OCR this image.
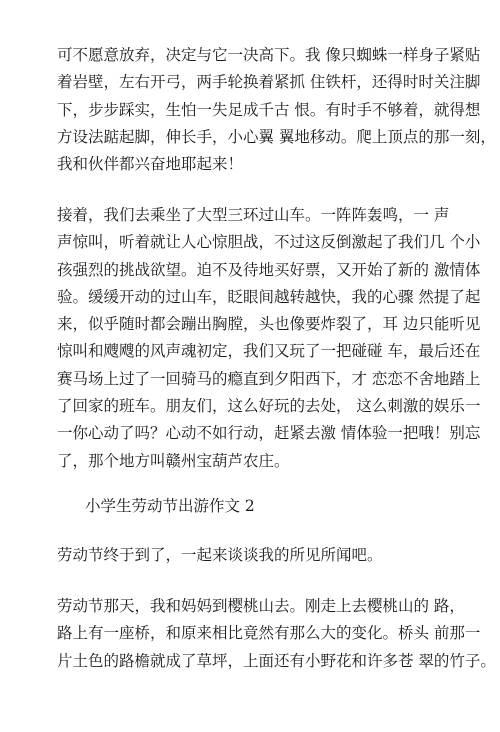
可不愿意放弃，决定与它一决高下。我 像只蜘蛛一样身子紧贴
着岩壁，左右开弓，两手轮换着紧抓 住铁杆，还得时时关注脚
下，步步踩实，生怕一失足成千古 恨。有时手不够着，就得想
方设法踮起脚，伸长手，小心翼 翼地移动。爬上顶点的那一刻，
我和伙伴都兴奋地耶起来！
接着，我们去乘坐了大型三环过山车。一阵阵轰鸣，一 声
声惊叫，听着就让人心惊胆战，不过这反倒激起了我们几 个小
孩强烈的挑战欲望。迫不及待地买好票，又开始了新的 激情体
验。缓缓开动的过山车，眨眼间越转越快，我的心骤 然提了起
来，似乎随时都会蹦出胸膛，头也像要炸裂了，耳 边只能听见
惊叫和飕飕的风声魂初定，我们又玩了一把碰碰 车，最后还在
赛马场上过了一回骑马的瘾直到夕阳西下，才 恋恋不舍地踏上
了回家的班车。朋友们，这么好玩的去处， 这么刺激的娱乐一
一你心动了吗？心动不如行动，赶紧去激 情体验一把哦！别忘
了，那个地方叫赣州宝葫芦农庄。

小学生劳动节出游作文 2

劳动节终于到了，一起来谈谈我的所见所闻吧。
劳动节那天，我和妈妈到樱桃山去。刚走上去樱桃山的 路，
路上有一座桥，和原来相比竟然有那么大的变化。桥头 前那一
片土色的路檐就成了草坪，上面还有小野花和许多苍 翠的竹子。
